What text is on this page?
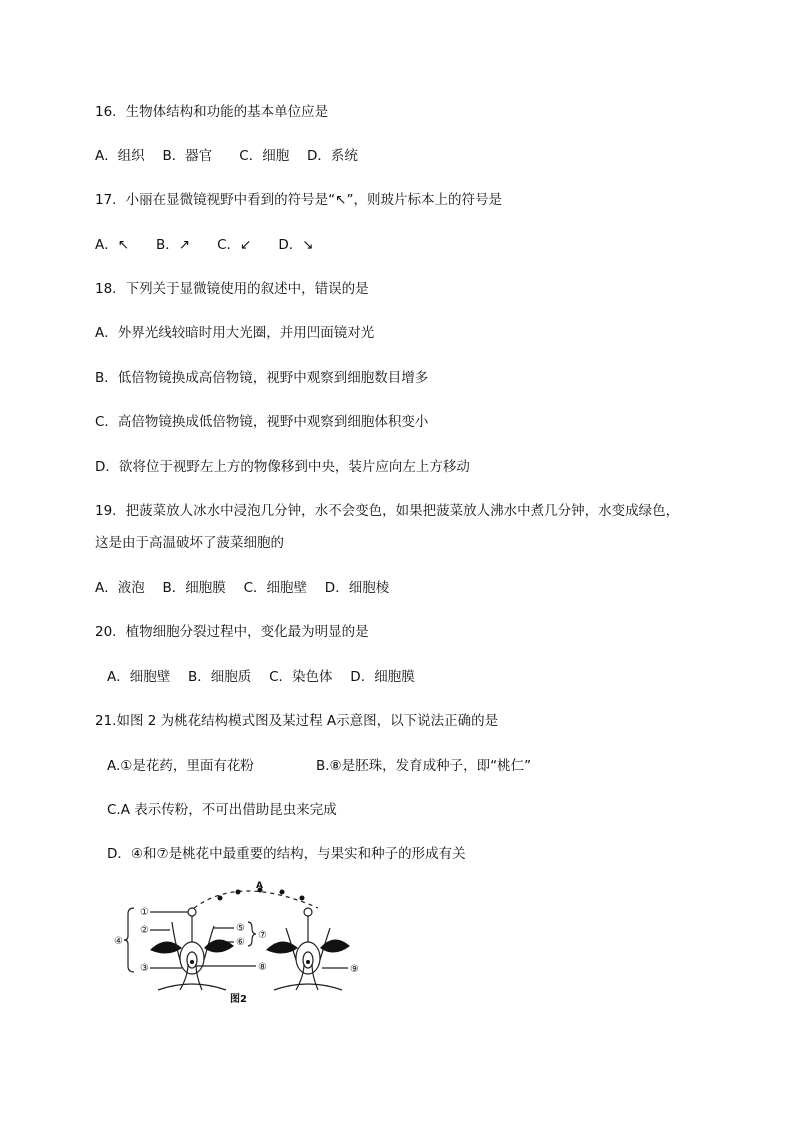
16．生物体结构和功能的基本单位应是
A．组织　 B．器官　　C．细胞　 D．系统
17．小丽在显微镜视野中看到的符号是“↖”，则玻片标本上的符号是
A．↖　　B．↗　　C．↙　　D．↘
18．下列关于显微镜使用的叙述中，错误的是
A．外界光线较暗时用大光圈，并用凹面镜对光
B．低倍物镜换成高倍物镜，视野中观察到细胞数目增多
C．高倍物镜换成低倍物镜，视野中观察到细胞体积变小
D．欲将位于视野左上方的物像移到中央，装片应向左上方移动
19．把菠菜放人冰水中浸泡几分钟，水不会变色，如果把菠菜放人沸水中煮几分钟，水变成绿色，
这是由于高温破坏了菠菜细胞的
A．液泡　 B．细胞膜　 C．细胞壁　 D．细胞棱
20．植物细胞分裂过程中，变化最为明显的是
A．细胞壁　 B．细胞质　 C．染色体　 D．细胞膜
21.如图 2 为桃花结构模式图及某过程 A示意图，以下说法正确的是
A.①是花药，里面有花粉	B.⑧是胚珠，发育成种子，即“桃仁”
C.A 表示传粉，不可出借助昆虫来完成
D．④和⑦是桃花中最重要的结构，与果实和种子的形成有关
①
②
④
③
⑤
⑥
⑦
⑧	⑨
A
图2
